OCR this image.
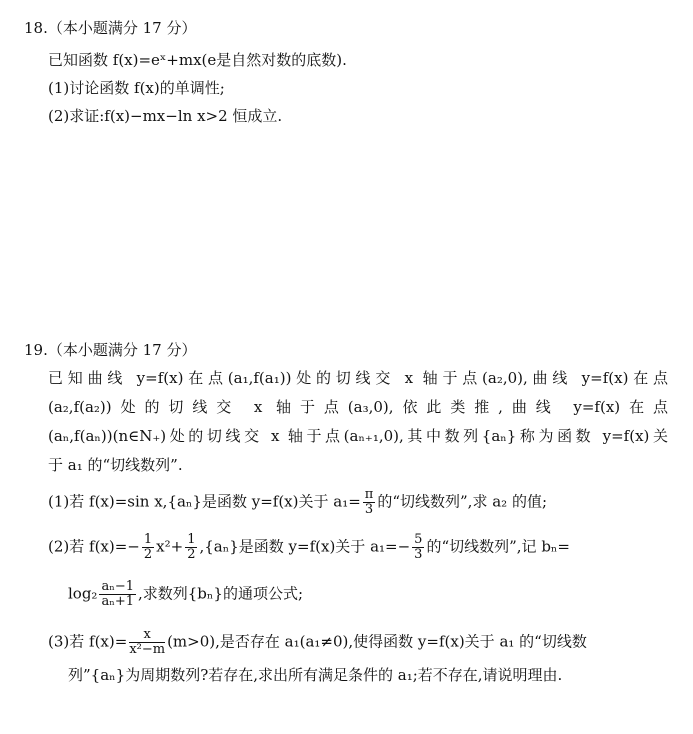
18.（本小题满分 17 分）
已知函数 f(x)=eˣ+mx(e是自然对数的底数).
(1)讨论函数 f(x)的单调性;
(2)求证:f(x)−mx−ln x>2 恒成立.
19.（本小题满分 17 分）
已知曲线 y=f(x)在点(a₁,f(a₁))处的切线交 x 轴于点(a₂,0),曲线 y=f(x)在点
(a₂,f(a₂))处的切线交 x 轴于点(a₃,0),依此类推,曲线 y=f(x)在点
(aₙ,f(aₙ))(n∈N₊)处的切线交 x 轴于点(aₙ₊₁,0),其中数列{aₙ}称为函数 y=f(x)关
于 a₁ 的“切线数列”.
(1)若 f(x)=sin x,{aₙ}是函数 y=f(x)关于 $a_1= \frac{\pi}{3}$ 的“切线数列”,求 a₂ 的值;
(2)若 $f(x)=- \frac{1}{2} x^2+ \frac{1}{2} ,\{a_n\}$是函数 y=f(x)关于 $a_1=- \frac{5}{3}$ 的“切线数列”,记 bₙ=
$\log_2 \frac{\text{aₙ−1}}{\text{aₙ+1}}$ ,求数列{bₙ}的通项公式;
(3)若 $f(x)= \frac{x}{\text{x²−m}} (m>0)$,是否存在 a₁(a₁≠0),使得函数 y=f(x)关于 a₁ 的“切线数
列”{aₙ}为周期数列?若存在,求出所有满足条件的 a₁;若不存在,请说明理由.
